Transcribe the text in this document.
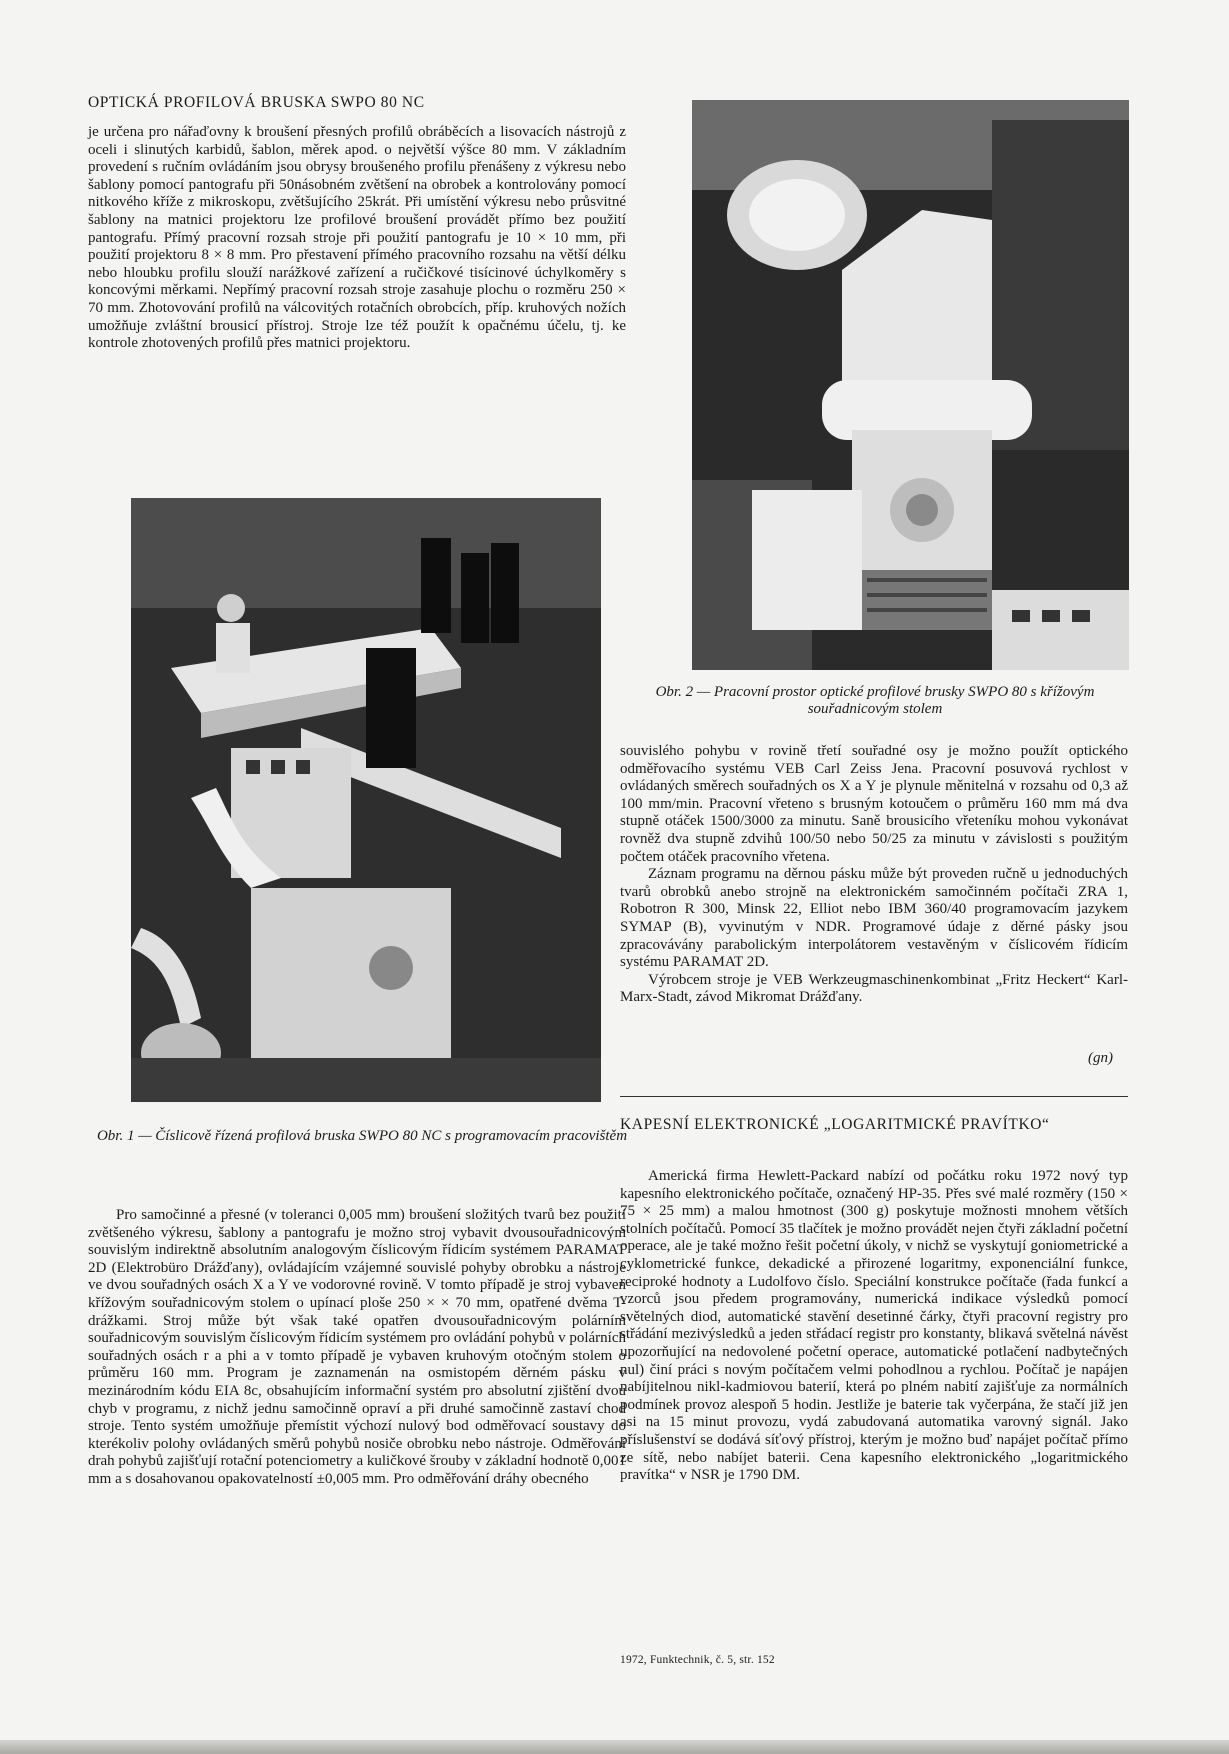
OPTICKÁ PROFILOVÁ BRUSKA SWPO 80 NC

je určena pro nářaďovny k broušení přesných profilů obráběcích a lisovacích nástrojů z oceli i slinutých karbidů, šablon, měrek apod. o největší výšce 80 mm. V základním provedení s ručním ovládáním jsou obrysy broušeného profilu přenášeny z výkresu nebo šablony pomocí pantografu při 50násobném zvětšení na obrobek a kontrolovány pomocí nitkového kříže z mikroskopu, zvětšujícího 25krát. Při umístění výkresu nebo průsvitné šablony na matnici projektoru lze profilové broušení provádět přímo bez použití pantografu. Přímý pracovní rozsah stroje při použití pantografu je 10 × 10 mm, při použití projektoru 8 × 8 mm. Pro přestavení přímého pracovního rozsahu na větší délku nebo hloubku profilu slouží narážkové zařízení a ručičkové tisícinové úchylkoměry s koncovými měrkami. Nepřímý pracovní rozsah stroje zasahuje plochu o rozměru 250 × 70 mm. Zhotovování profilů na válcovitých rotačních obrobcích, příp. kruhových nožích umožňuje zvláštní brousicí přístroj. Stroje lze též použít k opačnému účelu, tj. ke kontrole zhotovených profilů přes matnici projektoru.

Obr. 2 — Pracovní prostor optické profilové brusky SWPO 80 s křížovým souřadnicovým stolem

Obr. 1 — Číslicově řízená profilová bruska SWPO 80 NC s programovacím pracovištěm

souvislého pohybu v rovině třetí souřadné osy je možno použít optického odměřovacího systému VEB Carl Zeiss Jena. Pracovní posuvová rychlost v ovládaných směrech souřadných os X a Y je plynule měnitelná v rozsahu od 0,3 až 100 mm/min. Pracovní vřeteno s brusným kotoučem o průměru 160 mm má dva stupně otáček 1500/3000 za minutu. Saně brousicího vřeteníku mohou vykonávat rovněž dva stupně zdvihů 100/50 nebo 50/25 za minutu v závislosti s použitým počtem otáček pracovního vřetena.

Záznam programu na děrnou pásku může být proveden ručně u jednoduchých tvarů obrobků anebo strojně na elektronickém samočinném počítači ZRA 1, Robotron R 300, Minsk 22, Elliot nebo IBM 360/40 programovacím jazykem SYMAP (B), vyvinutým v NDR. Programové údaje z děrné pásky jsou zpracovávány parabolickým interpolátorem vestavěným v číslicovém řídicím systému PARAMAT 2D.

Výrobcem stroje je VEB Werkzeugmaschinenkombinat „Fritz Heckert“ Karl-Marx-Stadt, závod Mikromat Drážďany.

(gn)

Pro samočinné a přesné (v toleranci 0,005 mm) broušení složitých tvarů bez použití zvětšeného výkresu, šablony a pantografu je možno stroj vybavit dvousouřadnicovým souvislým indirektně absolutním analogovým číslicovým řídicím systémem PARAMAT 2D (Elektrobüro Drážďany), ovládajícím vzájemné souvislé pohyby obrobku a nástroje ve dvou souřadných osách X a Y ve vodorovné rovině. V tomto případě je stroj vybaven křížovým souřadnicovým stolem o upínací ploše 250 × × 70 mm, opatřené dvěma T-drážkami. Stroj může být však také opatřen dvousouřadnicovým polárním souřadnicovým souvislým číslicovým řídicím systémem pro ovládání pohybů v polárních souřadných osách r a phi a v tomto případě je vybaven kruhovým otočným stolem o průměru 160 mm. Program je zaznamenán na osmistopém děrném pásku v mezinárodním kódu EIA 8c, obsahujícím informační systém pro absolutní zjištění dvou chyb v programu, z nichž jednu samočinně opraví a při druhé samočinně zastaví chod stroje. Tento systém umožňuje přemístit výchozí nulový bod odměřovací soustavy do kterékoliv polohy ovládaných směrů pohybů nosiče obrobku nebo nástroje. Odměřování drah pohybů zajišťují rotační potenciometry a kuličkové šrouby v základní hodnotě 0,001 mm a s dosahovanou opakovatelností ±0,005 mm. Pro odměřování dráhy obecného

KAPESNÍ ELEKTRONICKÉ „LOGARITMICKÉ PRAVÍTKO“

Americká firma Hewlett-Packard nabízí od počátku roku 1972 nový typ kapesního elektronického počítače, označený HP-35. Přes své malé rozměry (150 × 75 × 25 mm) a malou hmotnost (300 g) poskytuje možnosti mnohem větších stolních počítačů. Pomocí 35 tlačítek je možno provádět nejen čtyři základní početní operace, ale je také možno řešit početní úkoly, v nichž se vyskytují goniometrické a cyklometrické funkce, dekadické a přirozené logaritmy, exponenciální funkce, reciproké hodnoty a Ludolfovo číslo. Speciální konstrukce počítače (řada funkcí a vzorců jsou předem programovány, numerická indikace výsledků pomocí světelných diod, automatické stavění desetinné čárky, čtyři pracovní registry pro střádání mezivýsledků a jeden střádací registr pro konstanty, blikavá světelná návěst upozorňující na nedovolené početní operace, automatické potlačení nadbytečných nul) činí práci s novým počítačem velmi pohodlnou a rychlou. Počítač je napájen nabíjitelnou nikl-kadmiovou baterií, která po plném nabití zajišťuje za normálních podmínek provoz alespoň 5 hodin. Jestliže je baterie tak vyčerpána, že stačí již jen asi na 15 minut provozu, vydá zabudovaná automatika varovný signál. Jako příslušenství se dodává síťový přístroj, kterým je možno buď napájet počítač přímo ze sítě, nebo nabíjet baterii. Cena kapesního elektronického „logaritmického pravítka“ v NSR je 1790 DM.

1972, Funktechnik, č. 5, str. 152
